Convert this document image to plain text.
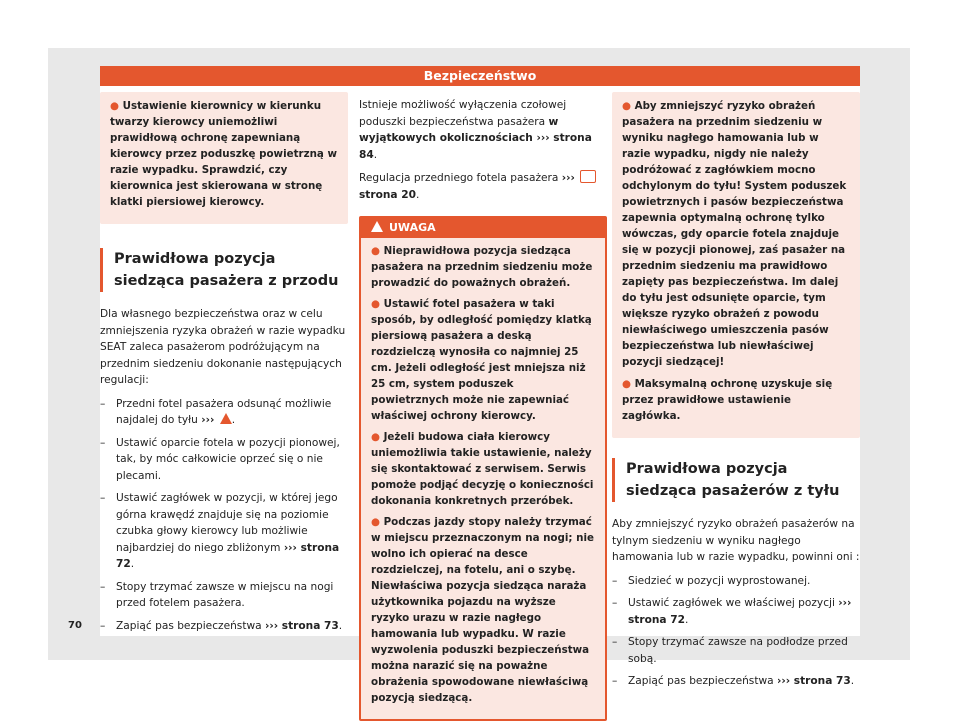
Bezpieczeństwo

● Ustawienie kierownicy w kierunku twarzy kierowcy uniemożliwi prawidłową ochronę zapewnianą kierowcy przez poduszkę powietrzną w razie wypadku. Sprawdzić, czy kierownica jest skierowana w stronę klatki piersiowej kierowcy.

Prawidłowa pozycja siedząca pasażera z przodu

Dla własnego bezpieczeństwa oraz w celu zmniejszenia ryzyka obrażeń w razie wypadku SEAT zaleca pasażerom podróżującym na przednim siedzeniu dokonanie następujących regulacji:

– Przedni fotel pasażera odsunąć możliwie najdalej do tyłu ››› .
– Ustawić oparcie fotela w pozycji pionowej, tak, by móc całkowicie oprzeć się o nie plecami.
– Ustawić zagłówek w pozycji, w której jego górna krawędź znajduje się na poziomie czubka głowy kierowcy lub możliwie najbardziej do niego zbliżonym ››› strona 72.
– Stopy trzymać zawsze w miejscu na nogi przed fotelem pasażera.
– Zapiąć pas bezpieczeństwa ››› strona 73.

Istnieje możliwość wyłączenia czołowej poduszki bezpieczeństwa pasażera w wyjątkowych okolicznościach ››› strona 84.

Regulacja przedniego fotela pasażera ›››  strona 20.

UWAGA

● Nieprawidłowa pozycja siedząca pasażera na przednim siedzeniu może prowadzić do poważnych obrażeń.

● Ustawić fotel pasażera w taki sposób, by odległość pomiędzy klatką piersiową pasażera a deską rozdzielczą wynosiła co najmniej 25 cm. Jeżeli odległość jest mniejsza niż 25 cm, system poduszek powietrznych może nie zapewniać właściwej ochrony kierowcy.

● Jeżeli budowa ciała kierowcy uniemożliwia takie ustawienie, należy się skontaktować z serwisem. Serwis pomoże podjąć decyzję o konieczności dokonania konkretnych przeróbek.

● Podczas jazdy stopy należy trzymać w miejscu przeznaczonym na nogi; nie wolno ich opierać na desce rozdzielczej, na fotelu, ani o szybę. Niewłaściwa pozycja siedząca naraża użytkownika pojazdu na wyższe ryzyko urazu w razie nagłego hamowania lub wypadku. W razie wyzwolenia poduszki bezpieczeństwa można narazić się na poważne obrażenia spowodowane niewłaściwą pozycją siedzącą.

● Aby zmniejszyć ryzyko obrażeń pasażera na przednim siedzeniu w wyniku nagłego hamowania lub w razie wypadku, nigdy nie należy podróżować z zagłówkiem mocno odchylonym do tyłu! System poduszek powietrznych i pasów bezpieczeństwa zapewnia optymalną ochronę tylko wówczas, gdy oparcie fotela znajduje się w pozycji pionowej, zaś pasażer na przednim siedzeniu ma prawidłowo zapięty pas bezpieczeństwa. Im dalej do tyłu jest odsunięte oparcie, tym większe ryzyko obrażeń z powodu niewłaściwego umieszczenia pasów bezpieczeństwa lub niewłaściwej pozycji siedzącej!

● Maksymalną ochronę uzyskuje się przez prawidłowe ustawienie zagłówka.

Prawidłowa pozycja siedząca pasażerów z tyłu

Aby zmniejszyć ryzyko obrażeń pasażerów na tylnym siedzeniu w wyniku nagłego hamowania lub w razie wypadku, powinni oni :

– Siedzieć w pozycji wyprostowanej.
– Ustawić zagłówek we właściwej pozycji ››› strona 72.
– Stopy trzymać zawsze na podłodze przed sobą.
– Zapiąć pas bezpieczeństwa ››› strona 73.
70
